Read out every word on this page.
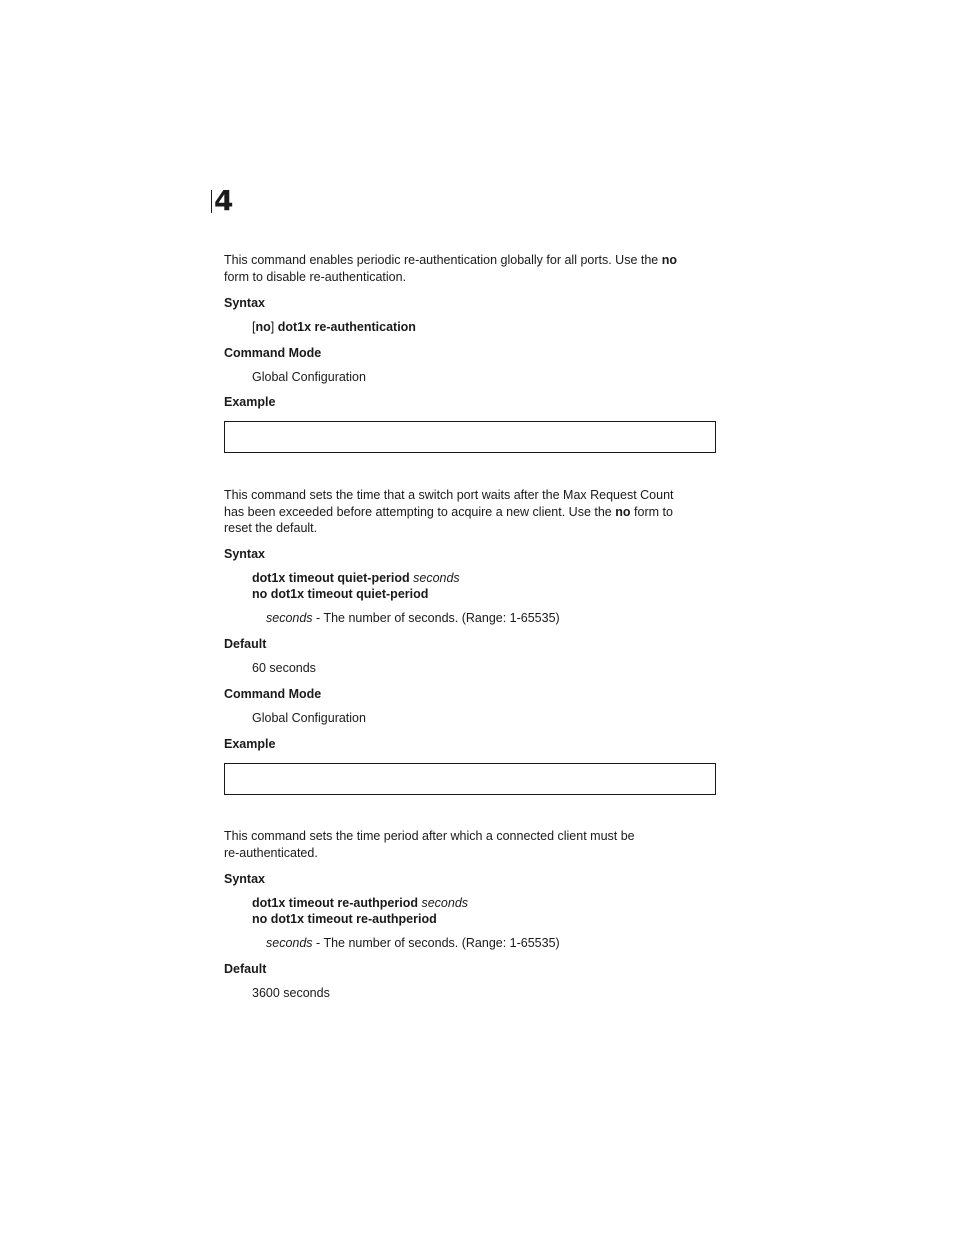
4

This command enables periodic re-authentication globally for all ports. Use the no

form to disable re-authentication.

Syntax

[no] dot1x re-authentication

Command Mode

Global Configuration

Example

This command sets the time that a switch port waits after the Max Request Count

has been exceeded before attempting to acquire a new client. Use the no form to

reset the default.

Syntax

dot1x timeout quiet-period seconds

no dot1x timeout quiet-period

seconds - The number of seconds. (Range: 1-65535)

Default

60 seconds

Command Mode

Global Configuration

Example

This command sets the time period after which a connected client must be

re-authenticated.

Syntax

dot1x timeout re-authperiod seconds

no dot1x timeout re-authperiod

seconds - The number of seconds. (Range: 1-65535)

Default

3600 seconds
